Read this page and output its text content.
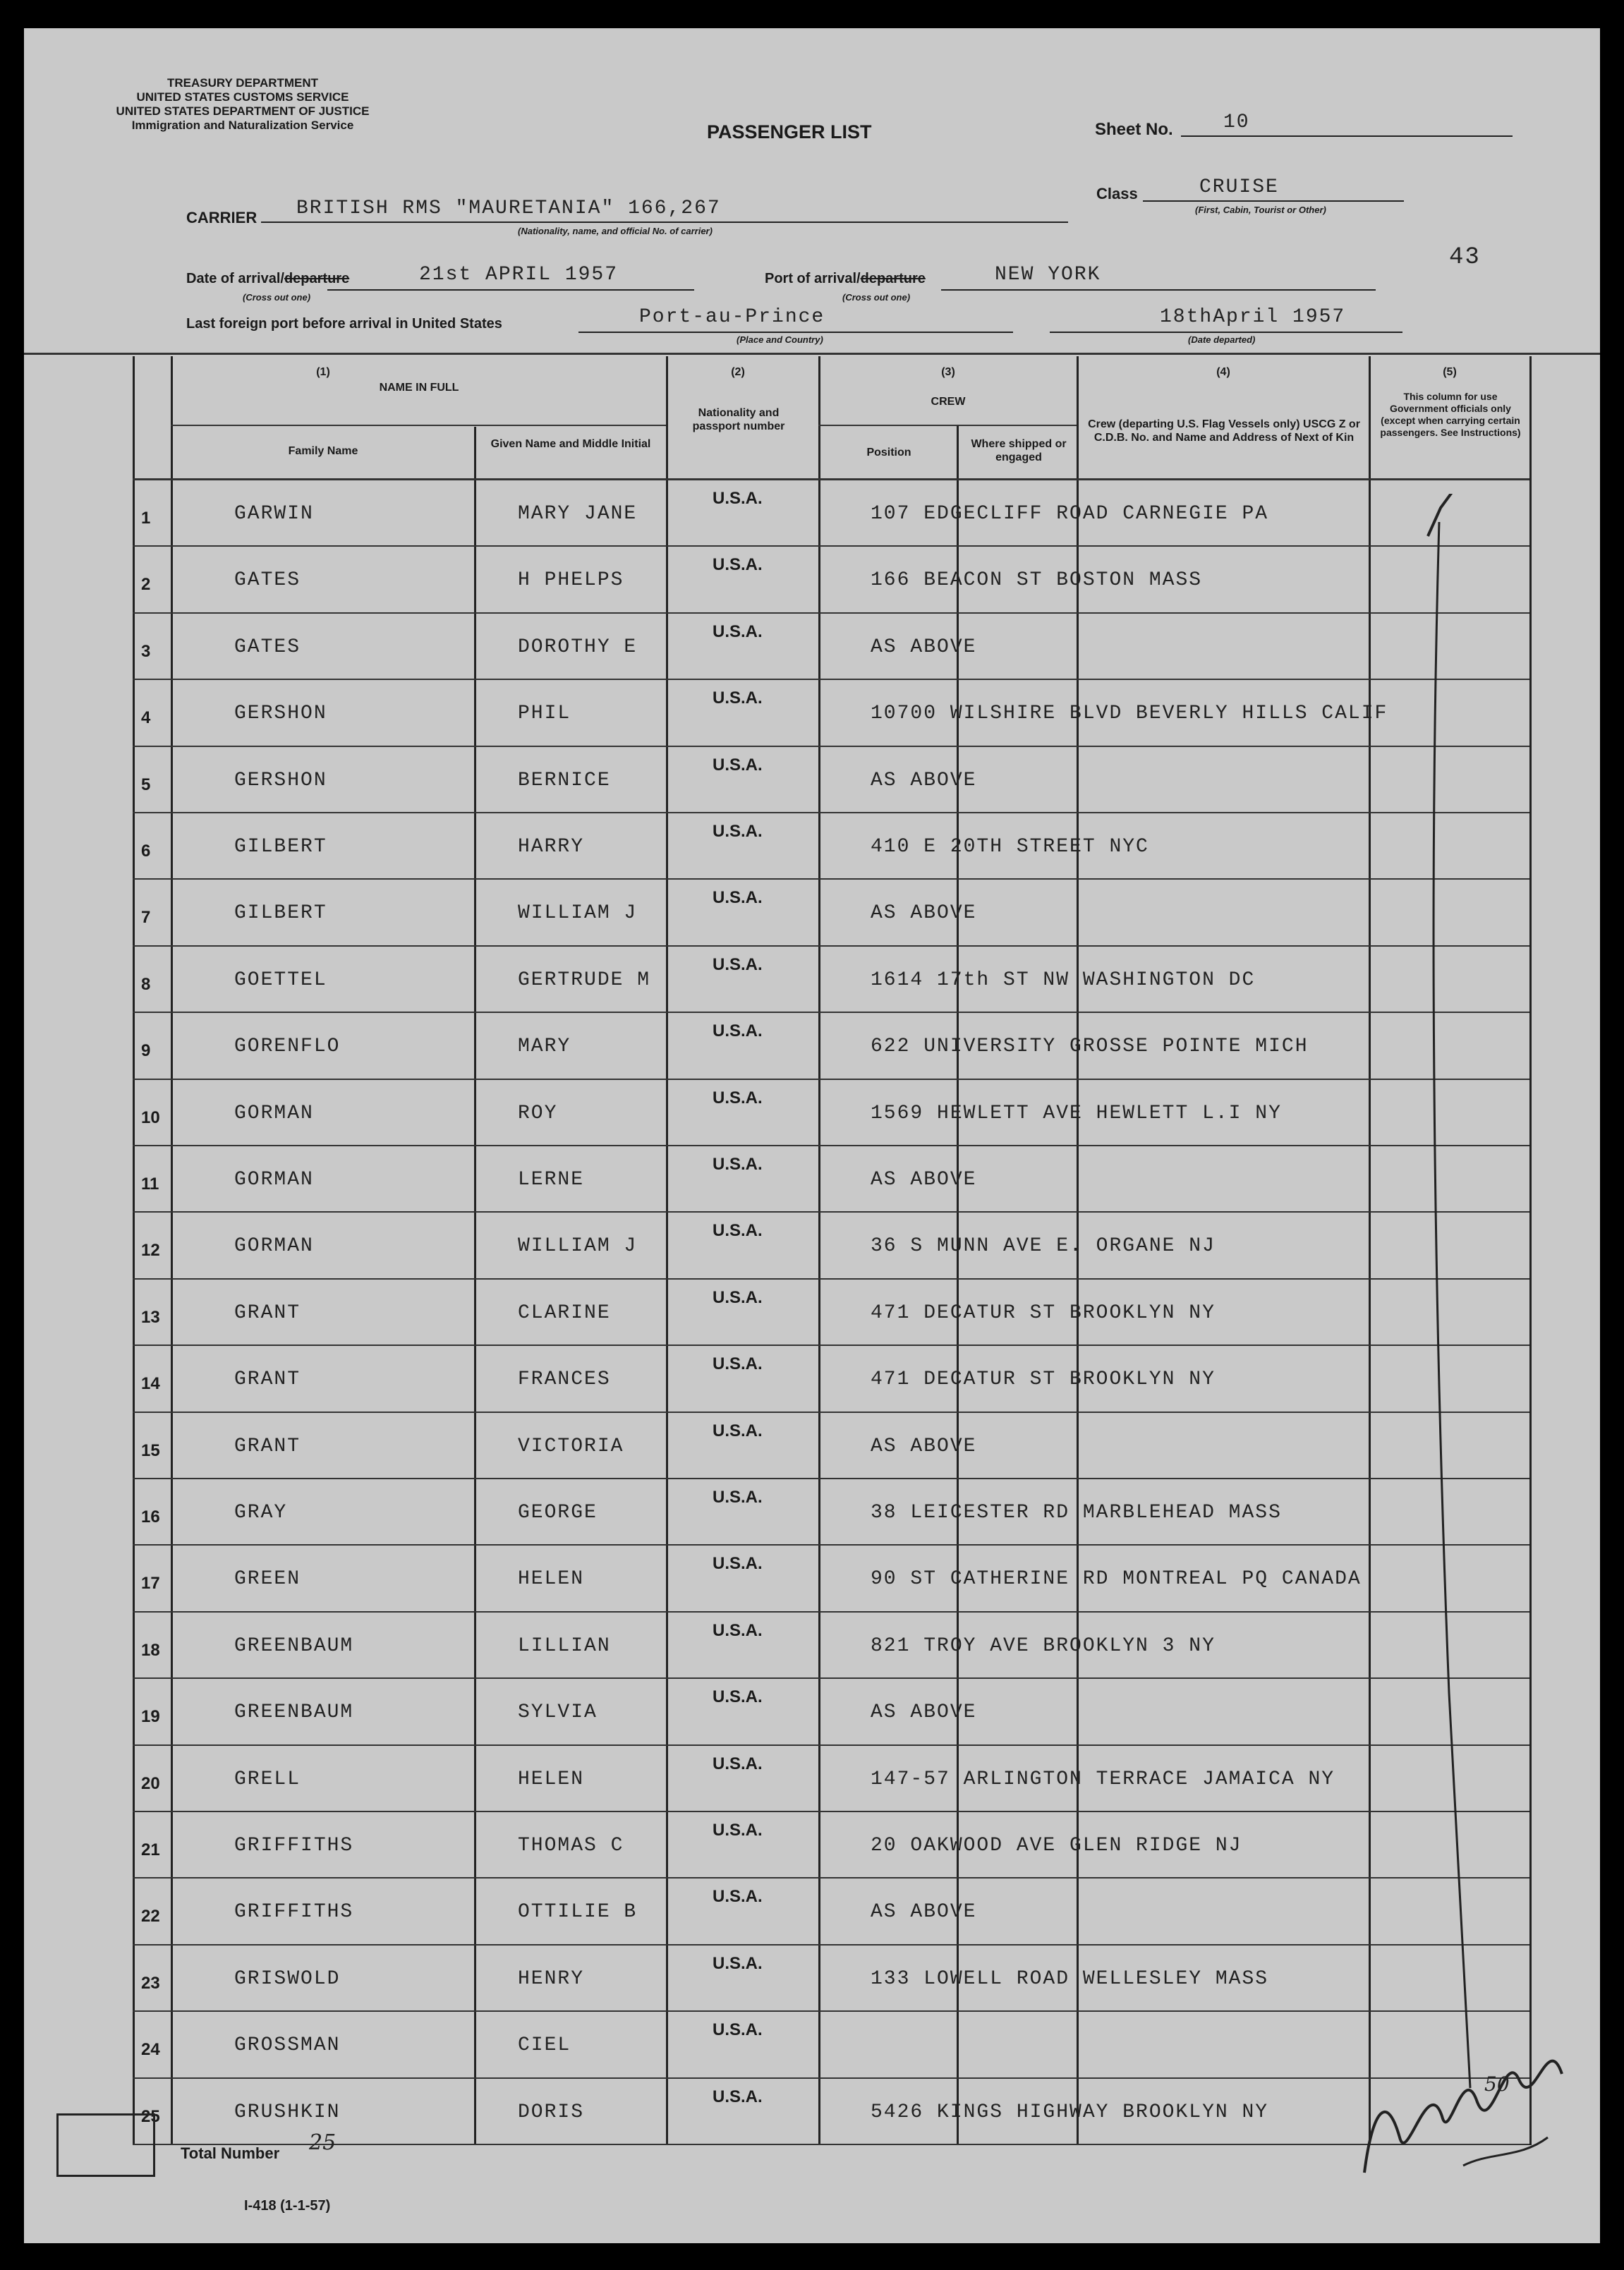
TREASURY DEPARTMENT
UNITED STATES CUSTOMS SERVICE
UNITED STATES DEPARTMENT OF JUSTICE
Immigration and Naturalization Service	PASSENGER LIST	Sheet No.	10
Class	CRUISE
(First, Cabin, Tourist or Other)
CARRIER BRITISH RMS "MAURETANIA" 166,267
(Nationality, name, and official No. of carrier)
Date of arrival/departure	21st APRIL 1957
(Cross out one)
Port of arrival/departure	NEW YORK
(Cross out one)
43
Last foreign port before arrival in United States	Port-au-Prince
(Place and Country)
18thApril 1957
(Date departed)
(1)
NAME IN FULL
Family Name
Given Name and Middle Initial
(2)
Nationality and passport number
(3)
CREW
Position
Where shipped or engaged
(4)
Crew (departing U.S. Flag Vessels only) USCG Z or C.D.B. No. and Name and Address of Next of Kin
(5)
This column for use Government officials only (except when carrying certain passengers. See Instructions)
1	GARWIN	MARY JANE
U.S.A.
107 EDGECLIFF ROAD CARNEGIE PA
2	GATES	H PHELPS
U.S.A.
166 BEACON ST BOSTON MASS
3	GATES	DOROTHY E
U.S.A.
AS ABOVE
4	GERSHON	PHIL
U.S.A.
10700 WILSHIRE BLVD BEVERLY HILLS CALIF
5	GERSHON	BERNICE
U.S.A.
AS ABOVE
6	GILBERT	HARRY
U.S.A.
410 E 20TH STREET NYC
7	GILBERT	WILLIAM J
U.S.A.
AS ABOVE
8	GOETTEL	GERTRUDE M
U.S.A.
1614 17th ST NW WASHINGTON DC
9	GORENFLO	MARY
U.S.A.
622 UNIVERSITY GROSSE POINTE MICH
10	GORMAN	ROY
U.S.A.
1569 HEWLETT AVE HEWLETT L.I NY
11	GORMAN	LERNE
U.S.A.
AS ABOVE
12	GORMAN	WILLIAM J
U.S.A.
36 S MUNN AVE E. ORGANE NJ
13	GRANT	CLARINE
U.S.A.
471 DECATUR ST BROOKLYN NY
14	GRANT	FRANCES
U.S.A.
471 DECATUR ST BROOKLYN NY
15	GRANT	VICTORIA
U.S.A.
AS ABOVE
16	GRAY	GEORGE
U.S.A.
38 LEICESTER RD MARBLEHEAD MASS
17	GREEN	HELEN
U.S.A.
90 ST CATHERINE RD MONTREAL PQ CANADA
18	GREENBAUM	LILLIAN
U.S.A.
821 TROY AVE BROOKLYN 3 NY
19	GREENBAUM	SYLVIA
U.S.A.
AS ABOVE
20	GRELL	HELEN
U.S.A.
147-57 ARLINGTON TERRACE JAMAICA NY
21	GRIFFITHS	THOMAS C
U.S.A.
20 OAKWOOD AVE GLEN RIDGE NJ
22	GRIFFITHS	OTTILIE B
U.S.A.
AS ABOVE
23	GRISWOLD	HENRY
U.S.A.
133 LOWELL ROAD WELLESLEY MASS
24	GROSSMAN	CIEL
U.S.A.
25	GRUSHKIN	DORIS
U.S.A.
5426 KINGS HIGHWAY BROOKLYN NY
Total Number 25
I-418 (1-1-57)
50
